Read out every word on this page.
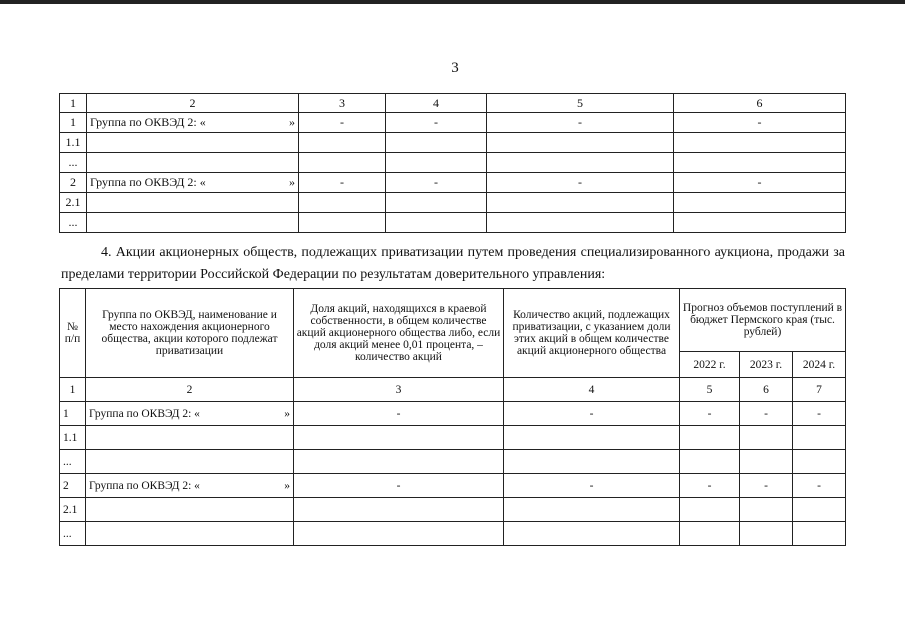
3
1	2	3	4	5	6
1	Группа по ОКВЭД 2: « »	-	-	-	-
1.1					
...					
2	Группа по ОКВЭД 2: « »	-	-	-	-
2.1					
...					
4. Акции акционерных обществ, подлежащих приватизации путем проведения специализированного аукциона, продажи за пределами территории Российской Федерации по результатам доверительного управления:
№ п/п	Группа по ОКВЭД, наименование и место нахождения акционерного общества, акции которого подлежат приватизации	Доля акций, находящихся в краевой собственности, в общем количестве акций акционерного общества либо, если доля акций менее 0,01 процента, – количество акций	Количество акций, подлежащих приватизации, с указанием доли этих акций в общем количестве акций акционерного общества	Прогноз объемов поступлений в бюджет Пермского края (тыс. рублей)		
				2022 г.	2023 г.	2024 г.
1	2	3	4	5	6	7
1	Группа по ОКВЭД 2: « »	-	-	-	-	-
1.1						
...						
2	Группа по ОКВЭД 2: « »	-	-	-	-	-
2.1						
...						
